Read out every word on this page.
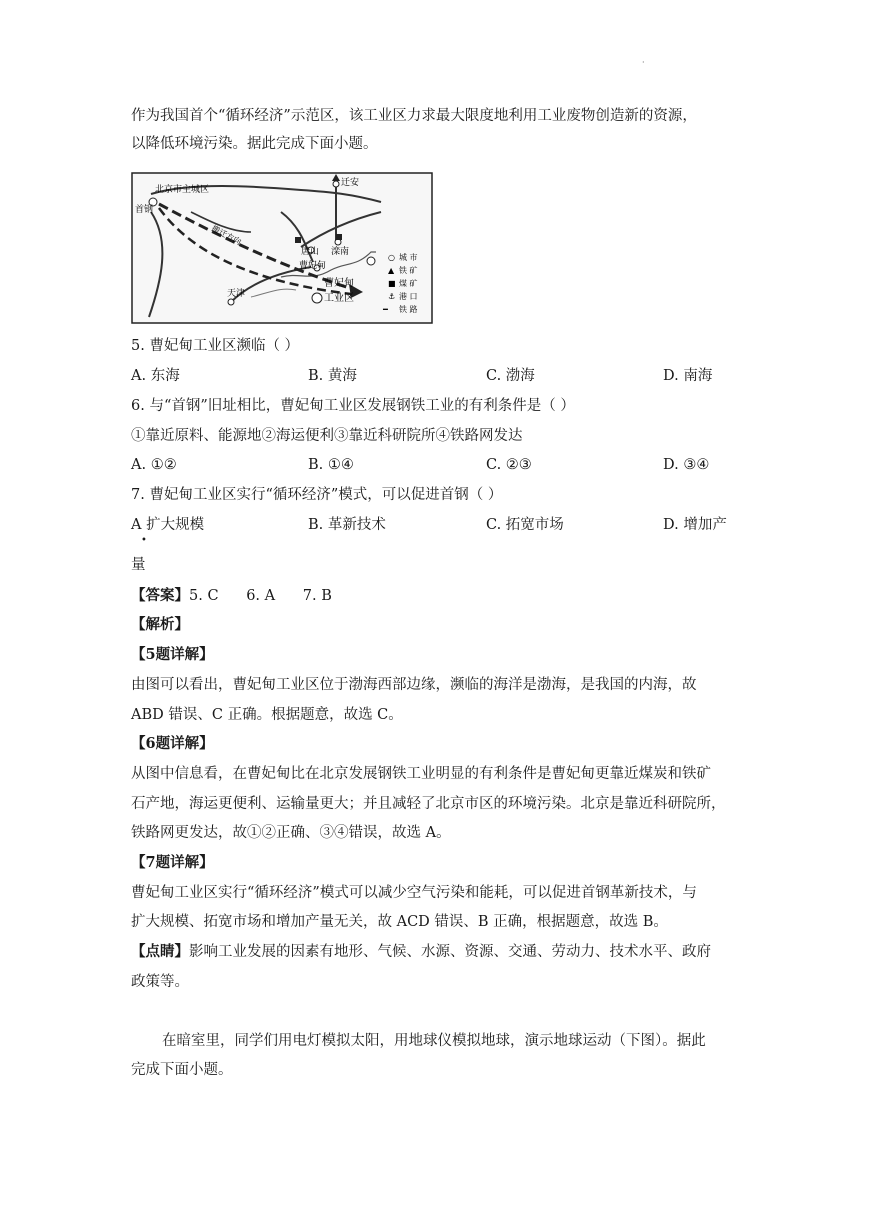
·
作为我国首个“循环经济”示范区，该工业区力求最大限度地利用工业废物创造新的资源，
以降低环境污染。据此完成下面小题。
北京市主城区
首钢
迁安
唐山 滦南
曹妃甸
天津
曹妃甸
工业区
搬迁方向
○ 城 市
▲ 铁 矿
■ 煤 矿
⚓ 港 口
━ 铁 路
5. 曹妃甸工业区濒临（ ）
A. 东海	B. 黄海	C. 渤海	D. 南海
6. 与“首钢”旧址相比，曹妃甸工业区发展钢铁工业的有利条件是（ ）
①靠近原料、能源地②海运便利③靠近科研院所④铁路网发达
A. ①②	B. ①④	C. ②③	D. ③④
7. 曹妃甸工业区实行“循环经济”模式，可以促进首钢（ ）
A 扩大规模	B. 革新技术	C. 拓宽市场	D. 增加产
•
量
【答案】5. C      6. A      7. B
【解析】
【5题详解】
由图可以看出，曹妃甸工业区位于渤海西部边缘，濒临的海洋是渤海，是我国的内海，故
ABD 错误、C 正确。根据题意，故选 C。
【6题详解】
从图中信息看，在曹妃甸比在北京发展钢铁工业明显的有利条件是曹妃甸更靠近煤炭和铁矿
石产地，海运更便利、运输量更大；并且减轻了北京市区的环境污染。北京是靠近科研院所，
铁路网更发达，故①②正确、③④错误，故选 A。
【7题详解】
曹妃甸工业区实行“循环经济”模式可以减少空气污染和能耗，可以促进首钢革新技术，与
扩大规模、拓宽市场和增加产量无关，故 ACD 错误、B 正确，根据题意，故选 B。
【点睛】影响工业发展的因素有地形、气候、水源、资源、交通、劳动力、技术水平、政府
政策等。
在暗室里，同学们用电灯模拟太阳，用地球仪模拟地球，演示地球运动（下图）。据此
完成下面小题。
